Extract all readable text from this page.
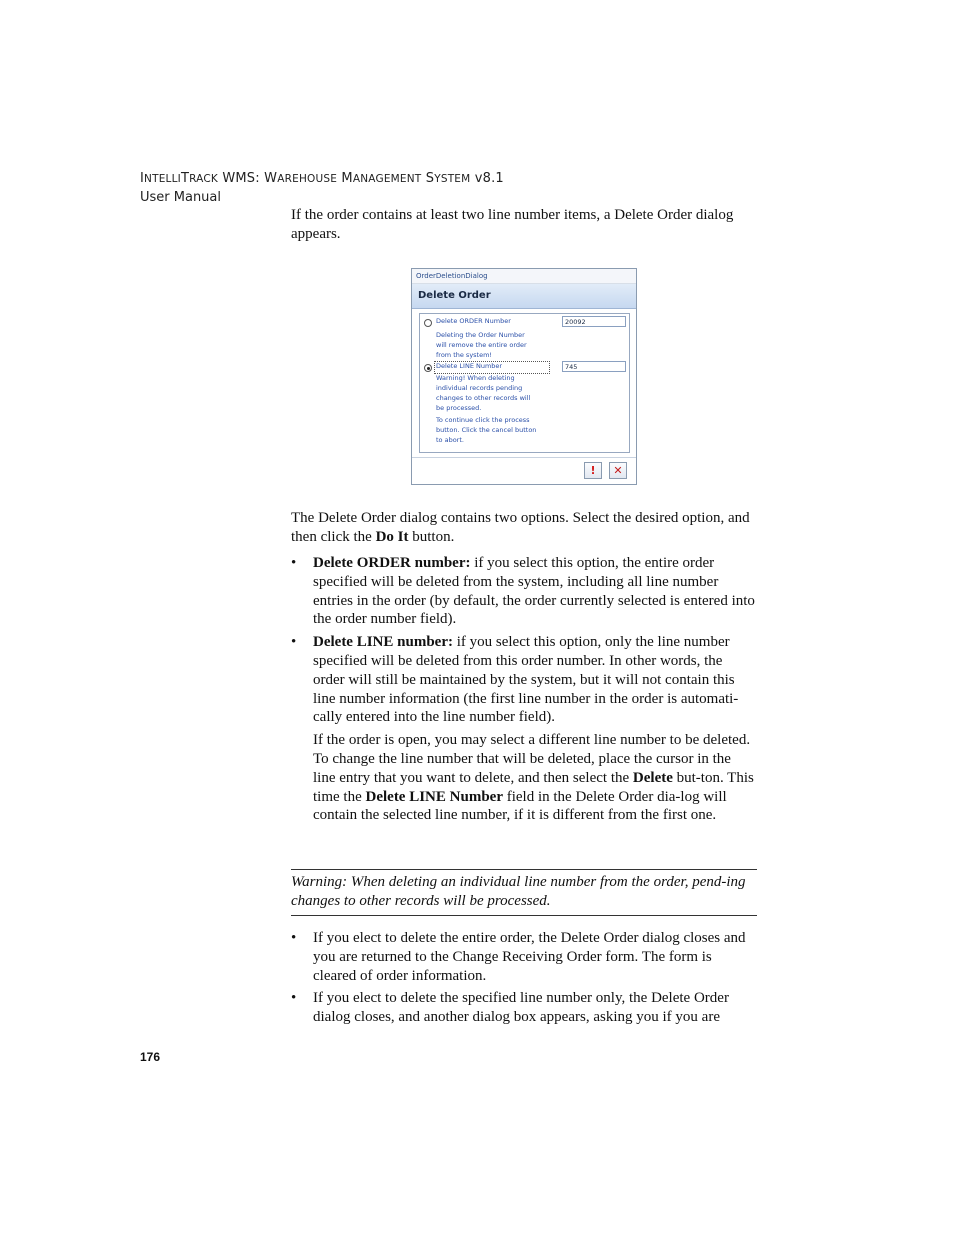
INTELLITRACK WMS: WAREHOUSE MANAGEMENT SYSTEM v8.1
User Manual
If the order contains at least two line number items, a Delete Order dialog appears.
OrderDeletionDialog
Delete Order
Delete ORDER Number	20092
Deleting the Order Number
will remove the entire order
from the system!
Delete LINE Number	745
Warning! When deleting
individual records pending
changes to other records will
be processed.
To continue click the process
button. Click the cancel button
to abort.
!	✕
The Delete Order dialog contains two options. Select the desired option, and then click the Do It button.
• Delete ORDER number: if you select this option, the entire order specified will be deleted from the system, including all line number entries in the order (by default, the order currently selected is entered into the order number field).
• Delete LINE number: if you select this option, only the line number specified will be deleted from this order number. In other words, the order will still be maintained by the system, but it will not contain this line number information (the first line number in the order is automati-cally entered into the line number field).
If the order is open, you may select a different line number to be deleted. To change the line number that will be deleted, place the cursor in the line entry that you want to delete, and then select the Delete but-ton. This time the Delete LINE Number field in the Delete Order dia-log will contain the selected line number, if it is different from the first one.
Warning: When deleting an individual line number from the order, pend-ing changes to other records will be processed.
• If you elect to delete the entire order, the Delete Order dialog closes and you are returned to the Change Receiving Order form. The form is cleared of order information.
• If you elect to delete the specified line number only, the Delete Order dialog closes, and another dialog box appears, asking you if you are
176
